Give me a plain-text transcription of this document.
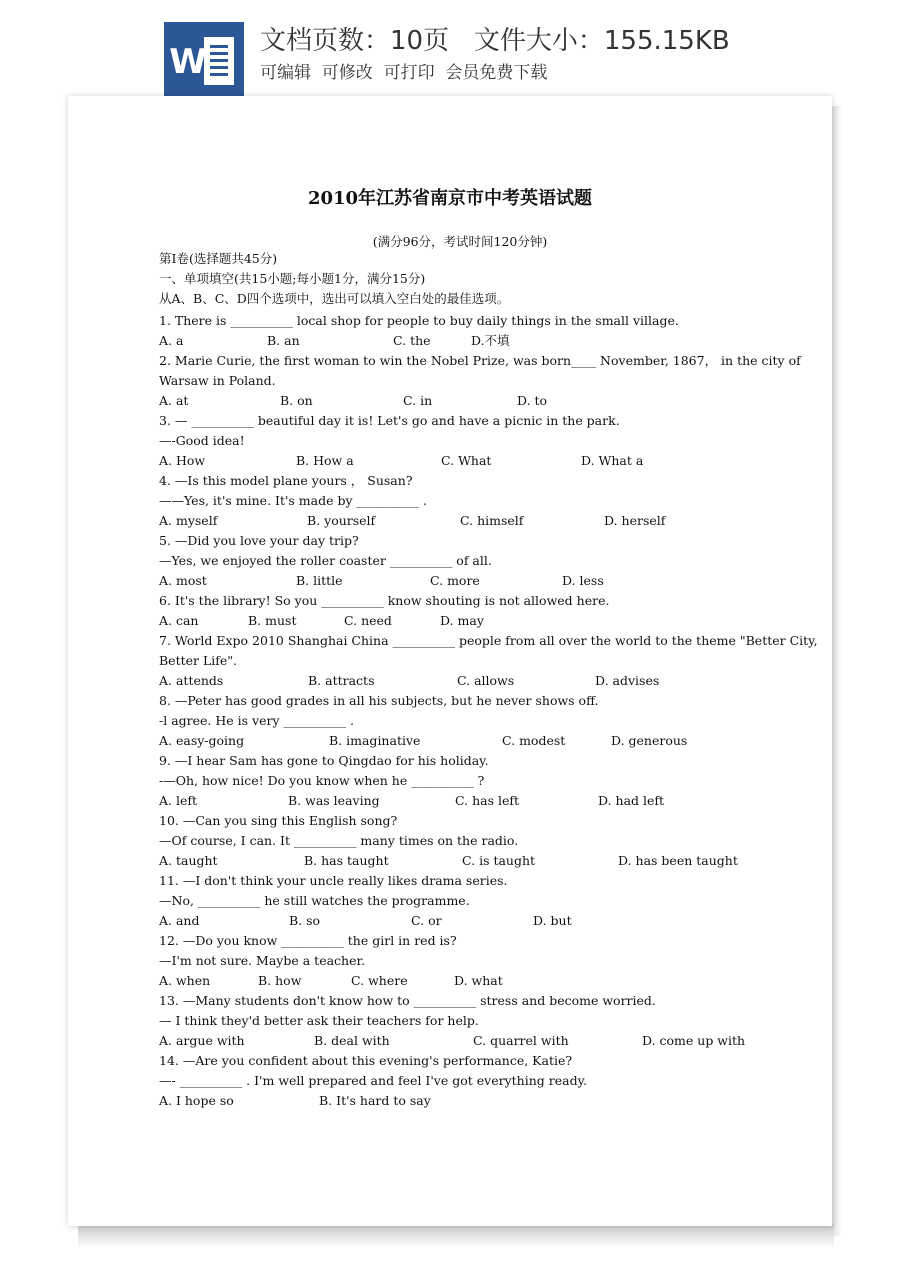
W
文档页数：10页   文件大小：155.15KB
可编辑  可修改  可打印  会员免费下载
2010年江苏省南京市中考英语试题
(满分96分，考试时间120分钟)
第I卷(选择题共45分)
一、单项填空(共15小题;每小题1分，满分15分)
从A、B、C、D四个选项中，选出可以填入空白处的最佳选项。
1. There is __________ local shop for people to buy daily things in the small village.
A. a	B. an	C. the	D.不填
2. Marie Curie, the first woman to win the Nobel Prize, was born____ November, 1867， in the city of
Warsaw in Poland.
A. at	B. on	C. in	D. to
3. — __________ beautiful day it is! Let's go and have a picnic in the park.
—-Good idea!
A. How	B. How a	C. What	D. What a
4. —Is this model plane yours ， Susan?
——Yes, it's mine. It's made by __________ .
A. myself	B. yourself	C. himself	D. herself
5. —Did you love your day trip?
—Yes, we enjoyed the roller coaster __________ of all.
A. most	B. little	C. more	D. less
6. It's the library! So you __________ know shouting is not allowed here.
A. can	B. must	C. need	D. may
7. World Expo 2010 Shanghai China __________ people from all over the world to the theme "Better City,
Better Life".
A. attends	B. attracts	C. allows	D. advises
8. —Peter has good grades in all his subjects, but he never shows off.
-l agree. He is very __________ .
A. easy-going	B. imaginative	C. modest	D. generous
9. —I hear Sam has gone to Qingdao for his holiday.
-—Oh, how nice! Do you know when he __________ ?
A. left	B. was leaving	C. has left	D. had left
10. —Can you sing this English song?
—Of course, I can. It __________ many times on the radio.
A. taught	B. has taught	C. is taught	D. has been taught
11. —I don't think your uncle really likes drama series.
—No, __________ he still watches the programme.
A. and	B. so	C. or	D. but
12. —Do you know __________ the girl in red is?
—I'm not sure. Maybe a teacher.
A. when	B. how	C. where	D. what
13. —Many students don't know how to __________ stress and become worried.
— I think they'd better ask their teachers for help.
A. argue with	B. deal with	C. quarrel with	D. come up with
14. —Are you confident about this evening's performance, Katie?
—- __________ . I'm well prepared and feel I've got everything ready.
A. I hope so	B. It's hard to say
